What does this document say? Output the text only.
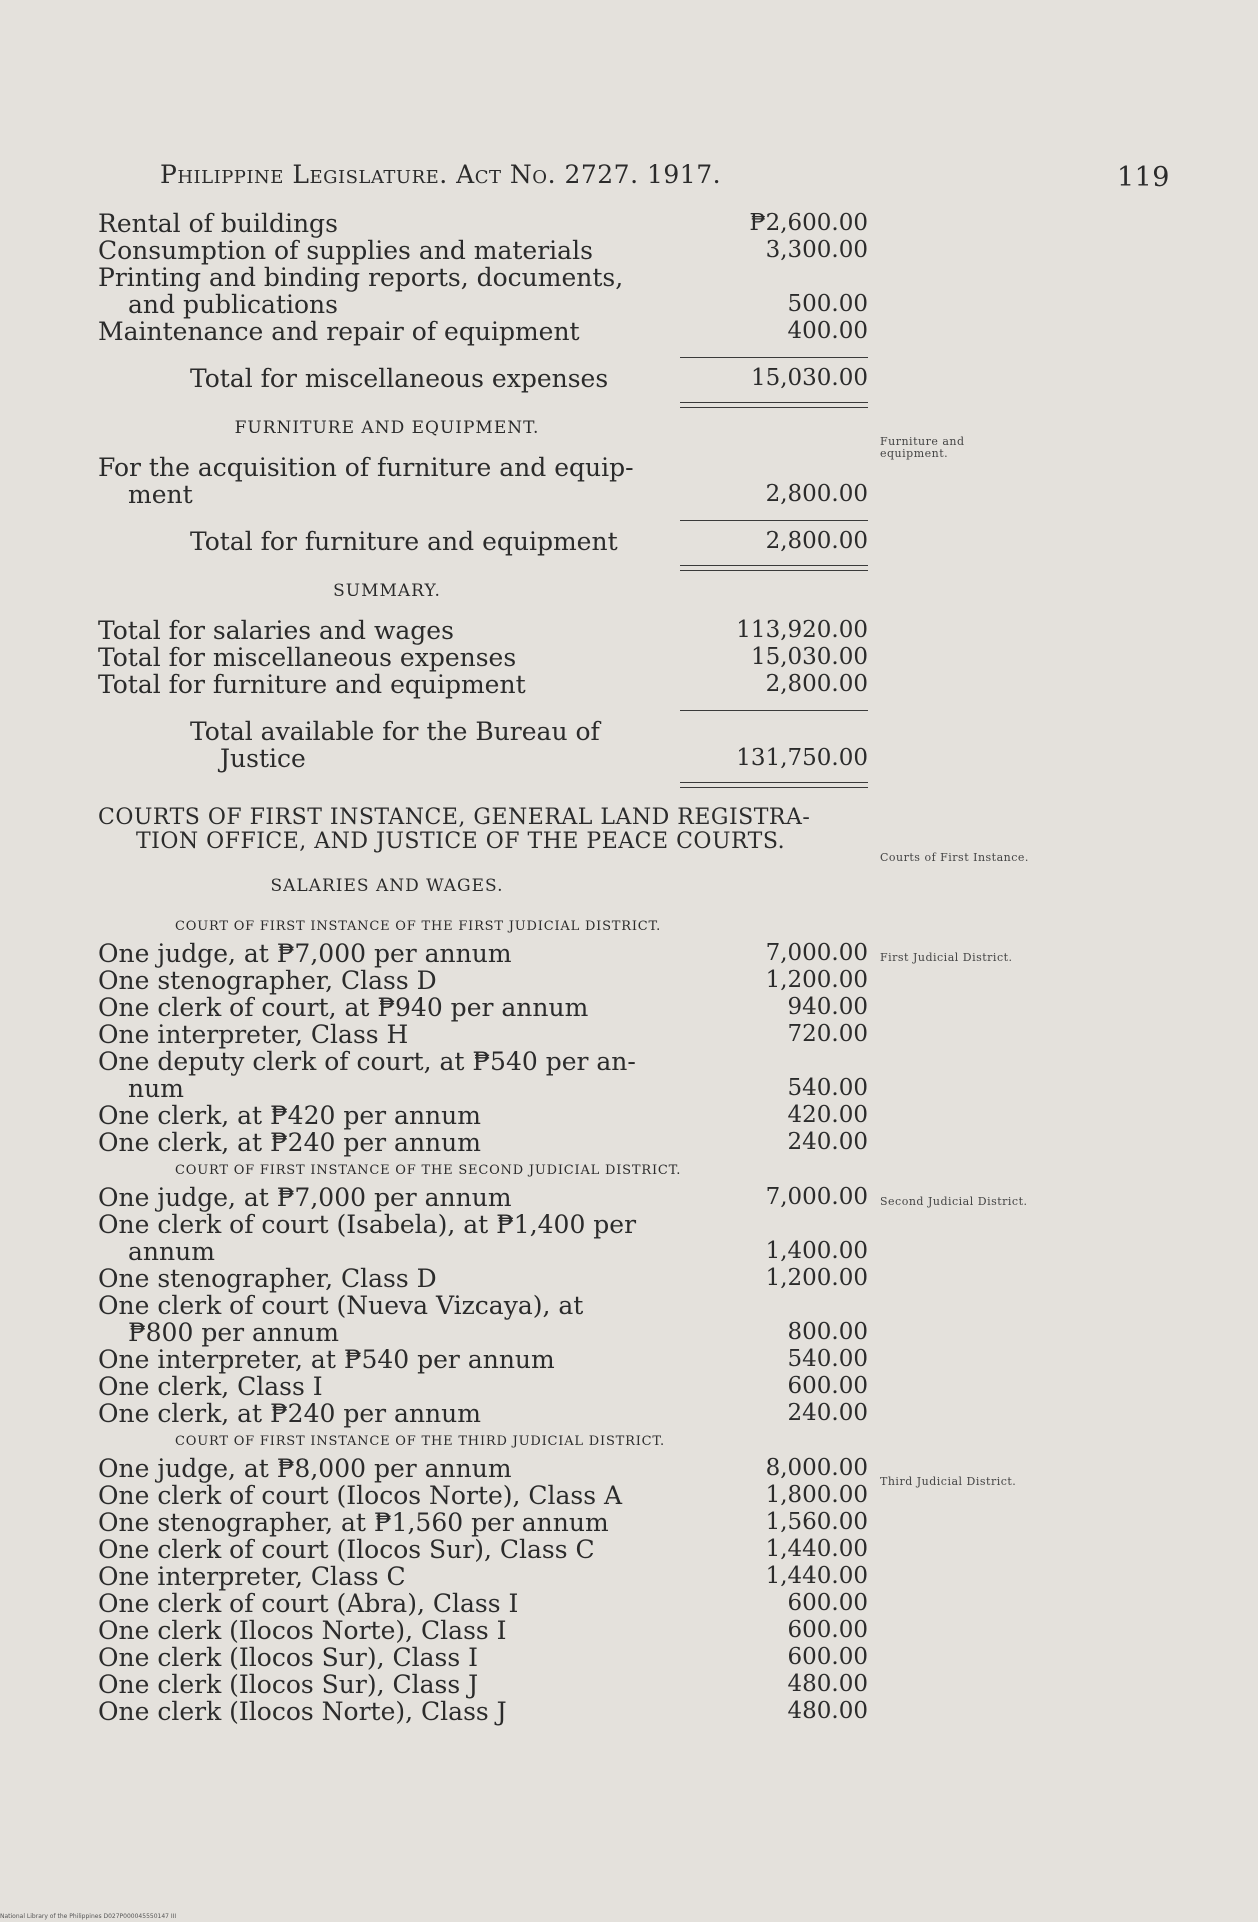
Philippine Legislature. Act No. 2727. 1917.	119
Rental of buildings	₱2,600.00
Consumption of supplies and materials	3,300.00
Printing and binding reports, documents,
and publications	500.00
Maintenance and repair of equipment	400.00
Total for miscellaneous expenses	15,030.00
FURNITURE AND EQUIPMENT.
For the acquisition of furniture and equip-
ment	2,800.00
Total for furniture and equipment	2,800.00
SUMMARY.
Total for salaries and wages	113,920.00
Total for miscellaneous expenses	15,030.00
Total for furniture and equipment	2,800.00
Total available for the Bureau of
Justice	131,750.00
COURTS OF FIRST INSTANCE, GENERAL LAND REGISTRA-
TION OFFICE, AND JUSTICE OF THE PEACE COURTS.
SALARIES AND WAGES.
COURT OF FIRST INSTANCE OF THE FIRST JUDICIAL DISTRICT.
One judge, at ₱7,000 per annum	7,000.00
One stenographer, Class D	1,200.00
One clerk of court, at ₱940 per annum	940.00
One interpreter, Class H	720.00
One deputy clerk of court, at ₱540 per an-
num	540.00
One clerk, at ₱420 per annum	420.00
One clerk, at ₱240 per annum	240.00
COURT OF FIRST INSTANCE OF THE SECOND JUDICIAL DISTRICT.
One judge, at ₱7,000 per annum	7,000.00
One clerk of court (Isabela), at ₱1,400 per
annum	1,400.00
One stenographer, Class D	1,200.00
One clerk of court (Nueva Vizcaya), at
₱800 per annum	800.00
One interpreter, at ₱540 per annum	540.00
One clerk, Class I	600.00
One clerk, at ₱240 per annum	240.00
COURT OF FIRST INSTANCE OF THE THIRD JUDICIAL DISTRICT.
One judge, at ₱8,000 per annum	8,000.00
One clerk of court (Ilocos Norte), Class A	1,800.00
One stenographer, at ₱1,560 per annum	1,560.00
One clerk of court (Ilocos Sur), Class C	1,440.00
One interpreter, Class C	1,440.00
One clerk of court (Abra), Class I	600.00
One clerk (Ilocos Norte), Class I	600.00
One clerk (Ilocos Sur), Class I	600.00
One clerk (Ilocos Sur), Class J	480.00
One clerk (Ilocos Norte), Class J	480.00
Furniture and equipment.
Courts of First Instance.
First Judicial District.
Second Judicial District.
Third Judicial District.
National Library of the Philippines D027P000045550147 III
